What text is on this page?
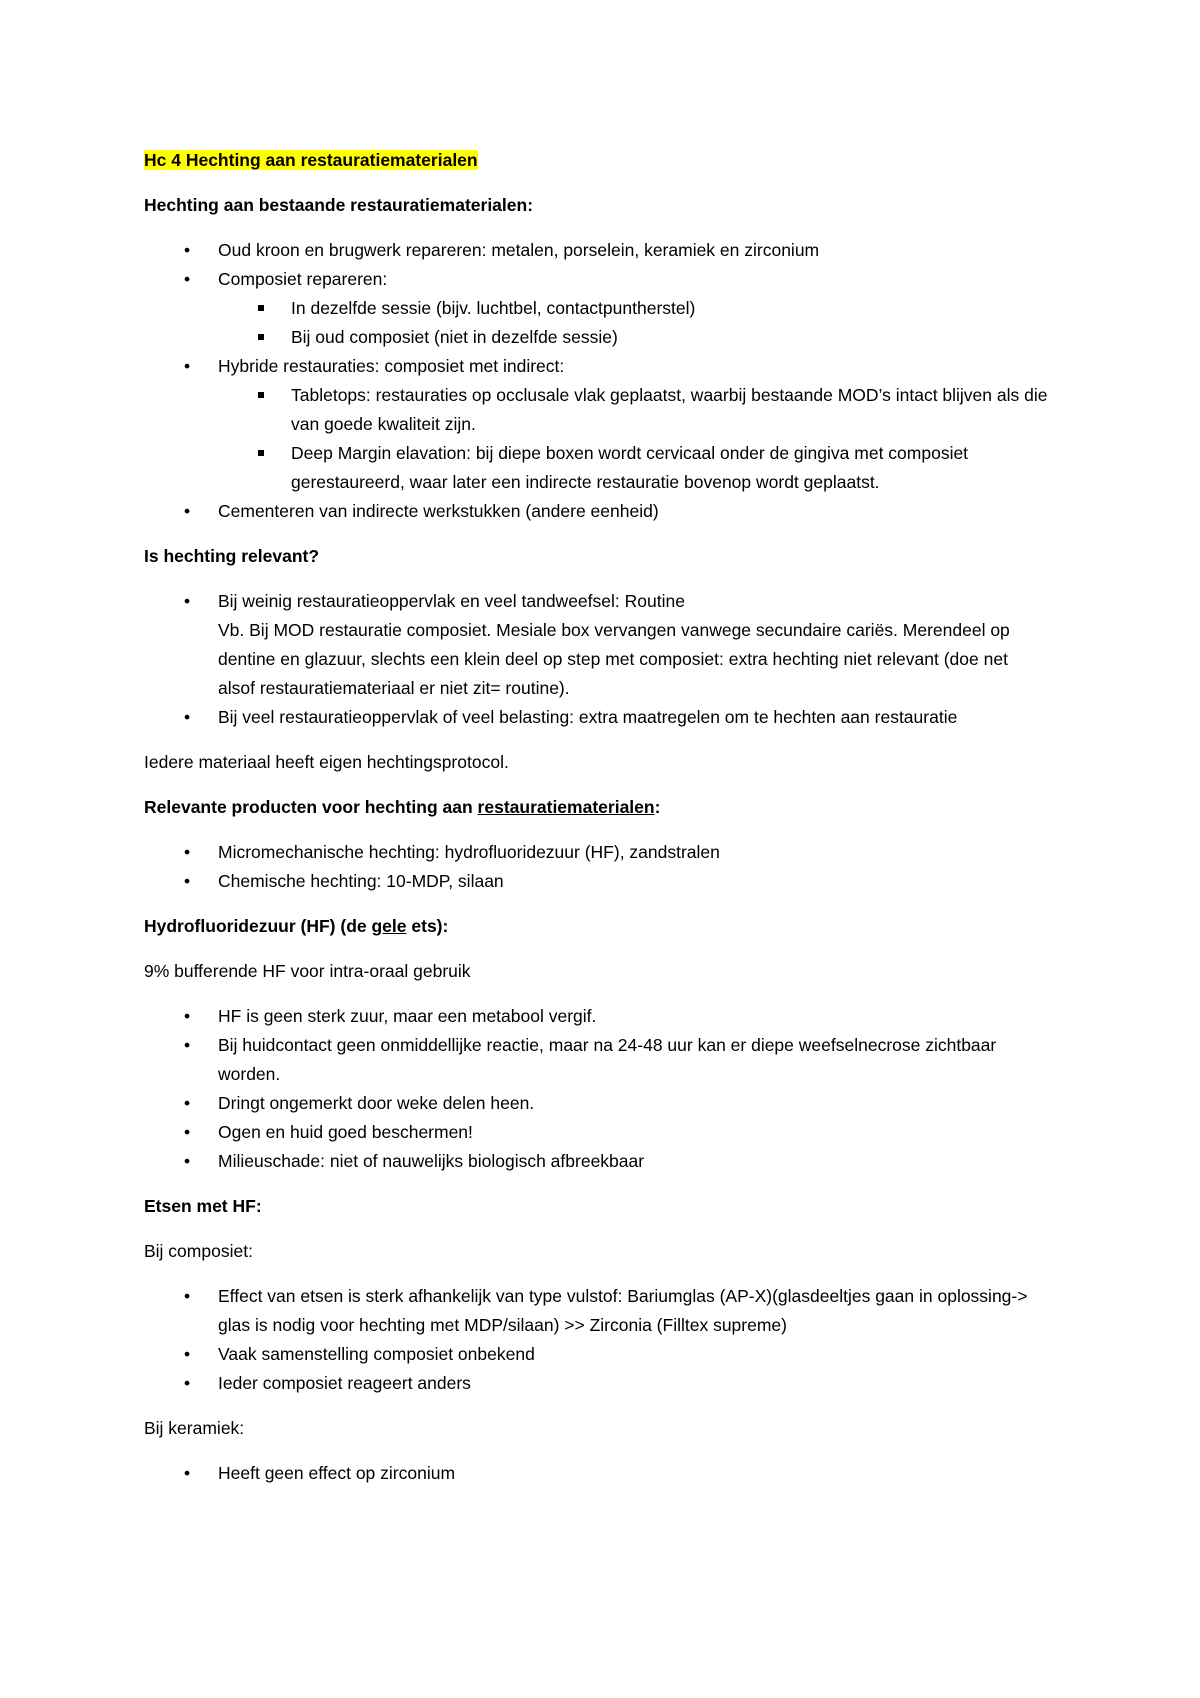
Hc 4 Hechting aan restauratiematerialen
Hechting aan bestaande restauratiematerialen:
• Oud kroon en brugwerk repareren: metalen, porselein, keramiek en zirconium
• Composiet repareren:
In dezelfde sessie (bijv. luchtbel, contactpuntherstel)
Bij oud composiet (niet in dezelfde sessie)
• Hybride restauraties: composiet met indirect:
Tabletops: restauraties op occlusale vlak geplaatst, waarbij bestaande MOD’s intact blijven als die van goede kwaliteit zijn.
Deep Margin elavation: bij diepe boxen wordt cervicaal onder de gingiva met composiet gerestaureerd, waar later een indirecte restauratie bovenop wordt geplaatst.
• Cementeren van indirecte werkstukken (andere eenheid)
Is hechting relevant?
• Bij weinig restauratieoppervlak en veel tandweefsel: Routine
Vb. Bij MOD restauratie composiet. Mesiale box vervangen vanwege secundaire cariës. Merendeel op dentine en glazuur, slechts een klein deel op step met composiet: extra hechting niet relevant (doe net alsof restauratiemateriaal er niet zit= routine).
• Bij veel restauratieoppervlak of veel belasting: extra maatregelen om te hechten aan restauratie

Iedere materiaal heeft eigen hechtingsprotocol.

Relevante producten voor hechting aan restauratiematerialen:
• Micromechanische hechting: hydrofluoridezuur (HF), zandstralen
• Chemische hechting: 10-MDP, silaan
Hydrofluoridezuur (HF) (de gele ets):

9% bufferende HF voor intra-oraal gebruik

• HF is geen sterk zuur, maar een metabool vergif.
• Bij huidcontact geen onmiddellijke reactie, maar na 24-48 uur kan er diepe weefselnecrose zichtbaar worden.
• Dringt ongemerkt door weke delen heen.
• Ogen en huid goed beschermen!
• Milieuschade: niet of nauwelijks biologisch afbreekbaar
Etsen met HF:

Bij composiet:

• Effect van etsen is sterk afhankelijk van type vulstof: Bariumglas (AP-X)(glasdeeltjes gaan in oplossing-> glas is nodig voor hechting met MDP/silaan) >> Zirconia (Filltex supreme)
• Vaak samenstelling composiet onbekend
• Ieder composiet reageert anders

Bij keramiek:

• Heeft geen effect op zirconium
